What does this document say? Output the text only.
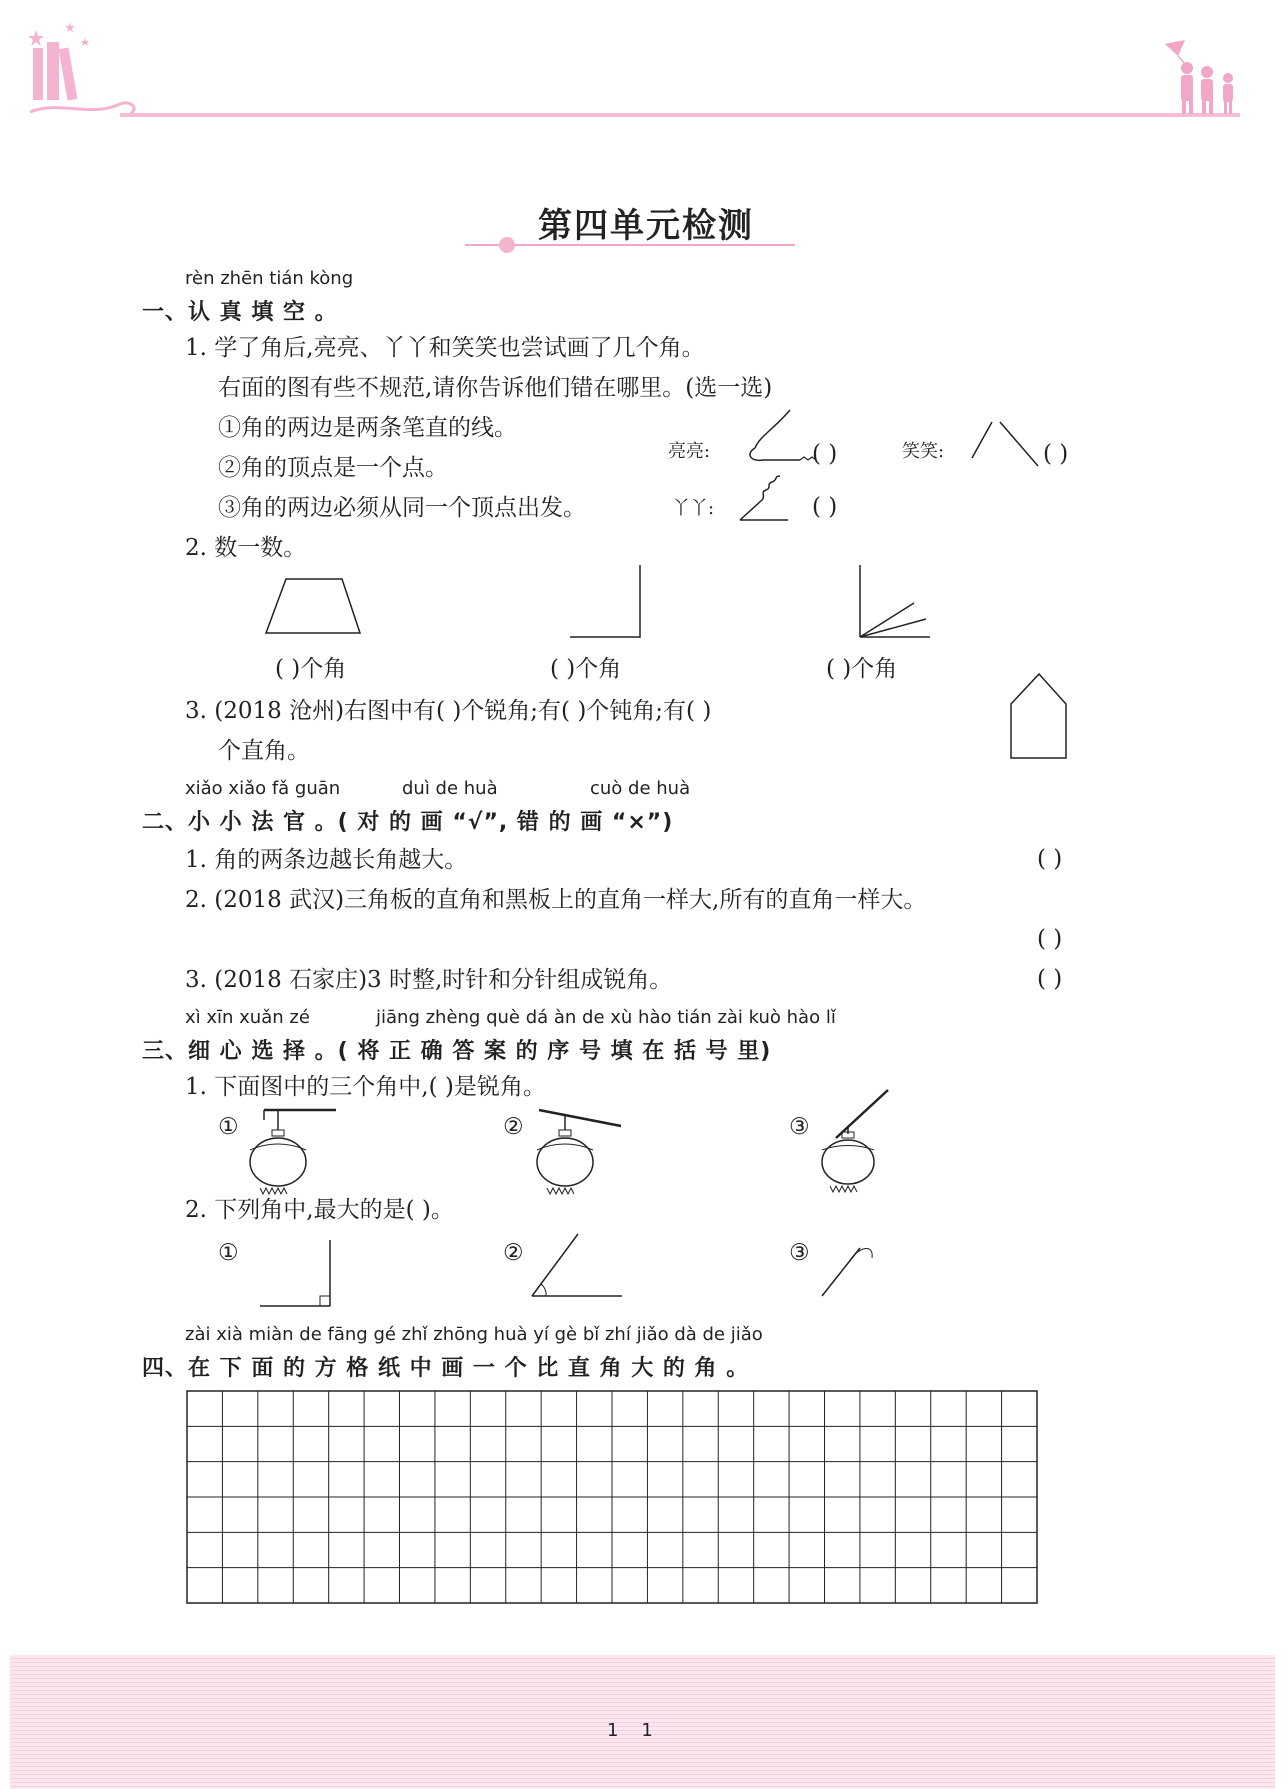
第四单元检测
rèn zhēn tián kòng
一、认 真 填 空 。
1. 学了角后,亮亮、丫丫和笑笑也尝试画了几个角。
右面的图有些不规范,请你告诉他们错在哪里。(选一选)
①角的两边是两条笔直的线。
②角的顶点是一个点。
③角的两边必须从同一个顶点出发。
亮亮:	( )	笑笑:	( )
丫丫:	( )
2. 数一数。
( )个角	( )个角	( )个角
3. (2018 沧州)右图中有( )个锐角;有( )个钝角;有( )
个直角。
xiǎo xiǎo fǎ guān	duì de huà	cuò de huà
二、小 小 法 官 。( 对 的 画 “√”, 错 的 画 “×”)
1. 角的两条边越长角越大。	( )
2. (2018 武汉)三角板的直角和黑板上的直角一样大,所有的直角一样大。
( )
3. (2018 石家庄)3 时整,时针和分针组成锐角。	( )
xì xīn xuǎn zé	jiāng zhèng què dá àn de xù hào tián zài kuò hào lǐ
三、细 心 选 择 。( 将 正 确 答 案 的 序 号 填 在 括 号 里)
1. 下面图中的三个角中,( )是锐角。
①	②	③
2. 下列角中,最大的是( )。
①	②	③
zài xià miàn de fāng gé zhǐ zhōng huà yí gè bǐ zhí jiǎo dà de jiǎo
四、在 下 面 的 方 格 纸 中 画 一 个 比 直 角 大 的 角 。
1    1
